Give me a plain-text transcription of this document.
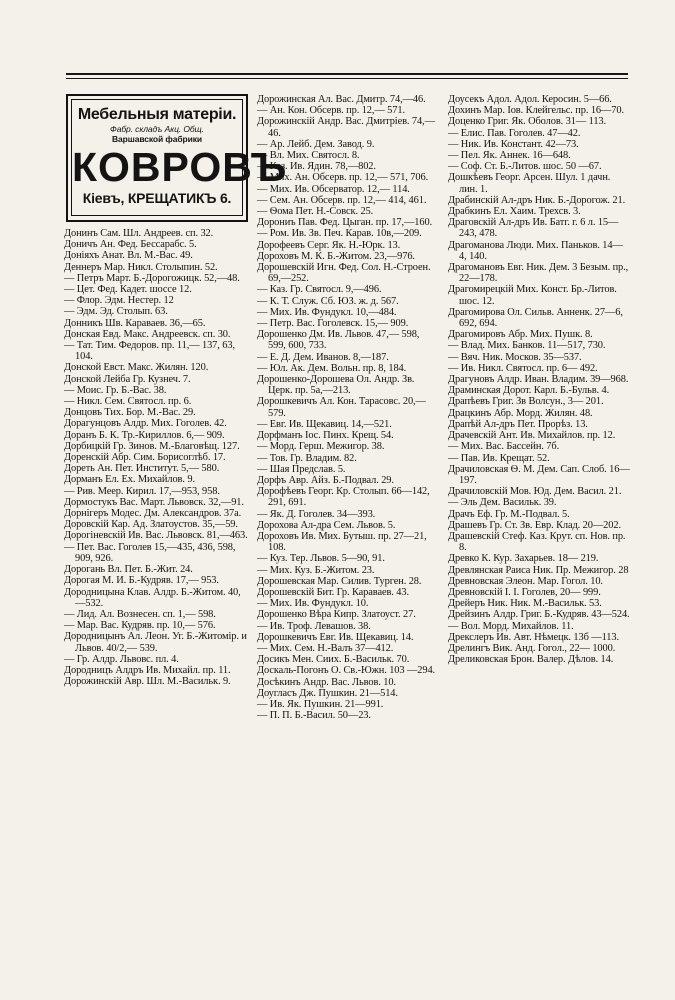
Мебельныя матеріи.
Фабр. складъ Акц. Общ.
Варшавской фабрики
КОВРОВЪ
Кіевъ, КРЕЩАТИКЪ 6.

Донинъ Сам. Шл. Андреев. сп. 32.

Доничъ Ан. Фед. Бессарабс. 5.

Донiяхъ Анат. Вл. М.-Вас. 49.

Деннеръ Мар. Никл. Столыпин. 52.

— Петръ Март. Б.-Дорогожицк. 52,—48.

— Цет. Фед. Кадет. шоссе 12.

— Флор. Эдм. Нестер. 12

— Эдм. Эд. Столып. 63.

Донникъ Шв. Караваев. 36,—65.

Донская Евд. Макс. Андреевск. сп. 30.

— Тат. Тим. Федоров. пр. 11,— 137, 63, 104.

Донской Евст. Макс. Жилян. 120.

Донской Лейба Гр. Кузнеч. 7.

— Моис. Гр. Б.-Вас. 38.

— Никл. Сем. Святосл. пр. 6.

Донцовъ Тих. Бор. М.-Вас. 29.

Дорагунцовъ Алдр. Мих. Гоголев. 42.

Доранъ Б. К. Тр.-Кириллов. 6,— 909.

Дорбицкій Гр. Зинов. М.-Благовѣщ. 127.

Доренскій Абр. Сим. Борисоглѣб. 17.

Дореть Ан. Пет. Институт. 5,— 580.

Дорманъ Ел. Ех. Михайлов. 9.

— Рив. Меер. Кирил. 17,—953, 958.

Дормостукъ Вас. Март. Львовск. 32,—91.

Дорнігеръ Модес. Дм. Александров. 37а.

Доровскій Кар. Ад. Златоустов. 35,—59.

Дорогiневскій Ив. Вас. Львовск. 81,—463.

— Пет. Вас. Гоголев 15,—435, 436, 598, 909, 926.

Дорогань Вл. Пет. Б.-Жит. 24.

Дорогая М. И. Б.-Кудряв. 17,— 953.

Дородницына Клав. Алдр. Б.-Житом. 40,—532.

— Лид. Ал. Вознесен. сп. 1,— 598.

— Мар. Вас. Кудряв. пр. 10,— 576.

Дородницынъ Ал. Леон. Уг. Б.-Житомір. и Львов. 40/2,— 539.

— Гр. Алдр. Львовс. пл. 4.

Дородницъ Алдръ Ив. Михайл. пр. 11.

Дорожинскій Авр. Шл. М.-Васильк. 9.

Дорожинская Ал. Вас. Дмитр. 74,—46.

— Ан. Кон. Обсерв. пр. 12,— 571.

Дорожинскій Андр. Вас. Дмитріев. 74,—46.

— Ар. Лейб. Дем. Завод. 9.

— Вл. Мих. Святосл. 8.

— Каз. Ив. Ядин. 78,—802.

— Мих. Ан. Обсерв. пр. 12,— 571, 706.

— Мих. Ив. Обсерватор. 12,— 114.

— Сем. Ан. Обсерв. пр. 12,— 414, 461.

— Ѳома Пет. Н.-Совск. 25.

Дорониъ Пав. Фед. Цыган. пр. 17,—160.

— Ром. Ив. Зв. Печ. Карав. 10в,—209.

Дорофеевъ Серг. Як. Н.-Юрк. 13.

Дороховъ М. К. Б.-Житом. 23,—976.

Дорошевскій Игн. Фед. Сол. Н.-Строен. 69,—252.

— Каз. Гр. Святосл. 9,—496.

— К. Т. Служ. Сб. ЮЗ. ж. д. 567.

— Мих. Ив. Фундукл. 10,—484.

— Петр. Вас. Гоголевск. 15,— 909.

Дорошенко Дм. Ив. Львов. 47,— 598, 599, 600, 733.

— Е. Д. Дем. Иванов. 8,—187.

— Юл. Ак. Дем. Вольн. пр. 8, 184.

Дорошенко-Дорошева Ол. Андр. Зв. Церк. пр. 5а,—213.

Дорошкевичъ Ал. Кон. Тарасовс. 20,—579.

— Евг. Ив. Щекавиц. 14,—521.

Дорфманъ Іос. Пинх. Крещ. 54.

— Морд. Герш. Межигор. 38.

— Тов. Гр. Владим. 82.

— Шая Предслав. 5.

Дорфъ Авр. Айз. Б.-Подвал. 29.

Дорофѣевъ Георг. Кр. Столып. 66—142, 291, 691.

— Як. Д. Гоголев. 34—393.

Дорохова Ал-дра Сем. Львов. 5.

Дороховъ Ив. Мих. Бутыш. пр. 27—21, 108.

— Куз. Тер. Львов. 5—90, 91.

— Мих. Куз. Б.-Житом. 23.

Дорошевская Мар. Силив. Турген. 28.

Дорошевскій Бит. Гр. Караваев. 43.

— Мих. Ив. Фундукл. 10.

Дорошенко Вѣра Кипр. Златоуст. 27.

— Ив. Троф. Левашов. 38.

Дорошкевичъ Евг. Ив. Щекавиц. 14.

— Мих. Сем. Н.-Валъ 37—412.

Досикъ Мен. Сиих. Б.-Васильк. 70.

Доскаль-Погонъ О. Св.-Южн. 103 —294.

Досѣкинъ Андр. Вас. Львов. 10.

Доугласъ Дж. Пушкин. 21—514.

— Ив. Як. Пушкин. 21—991.

— П. П. Б.-Васил. 50—23.

Доусекъ Адол. Адол. Керосин. 5—66.

Дохинъ Мар. Іов. Клейгельс. пр. 16—70.

Доценко Григ. Як. Оболов. 31— 113.

— Елис. Пав. Гоголев. 47—42.

— Ник. Ив. Констант. 42—73.

— Пел. Як. Аннек. 16—648.

— Соф. Ст. Б.-Литов. шос. 50 —67.

Дошкѣевъ Георг. Арсен. Шул. 1 дачн. лин. 1.

Драбинскій Ал-дръ Ник. Б.-Дорогож. 21.

Драбкинъ Ел. Хаим. Трехсв. 3.

Драговскій Ал-дръ Ив. Батг. г. 6 л. 15—243, 478.

Драгоманова Люди. Мих. Паньков. 14—4, 140.

Драгомановъ Евг. Ник. Дем. 3 Безым. пр., 22—178.

Драгомирецкій Мих. Конст. Бр.-Литов. шос. 12.

Драгомирова Ол. Сильв. Анненк. 27—6, 692, 694.

Драгомировъ Абр. Мих. Пушк. 8.

— Влад. Мих. Банков. 11—517, 730.

— Вяч. Ник. Москов. 35—537.

— Ив. Никл. Святосл. пр. 6— 492.

Драгуновъ Алдр. Иван. Владим. 39—968.

Драминская Дорот. Карл. Б.-Бульв. 4.

Драпѣевъ Григ. Зв Волсун., 3— 201.

Драцкинъ Абр. Морд. Жилян. 48.

Драпѣй Ал-дръ Пет. Прорѣз. 13.

Драчевскій Ант. Ив. Михайлов. пр. 12.

— Мих. Вас. Бассейн. 7б.

— Пав. Ив. Крещат. 52.

Драчиловская Ѳ. М. Дем. Сап. Слоб. 16—197.

Драчиловскій Мов. Юд. Дем. Васил. 21.

— Эль Дем. Васильк. 39.

Драчъ Еф. Гр. М.-Подвал. 5.

Драшевъ Гр. Ст. Зв. Евр. Клад. 20—202.

Драшевскій Стеф. Каз. Крут. сп. Нов. пр. 8.

Древко К. Кур. Захарьев. 18— 219.

Древлянская Раиса Ник. Пр. Межигор. 28

Древновская Элеон. Мар. Гогол. 10.

Древновскій І. І. Гоголев, 20— 999.

Дрейеръ Ник. Ник. М.-Васильк. 53.

Дрейзинъ Алдр. Григ. Б.-Кудряв. 43—524.

— Вол. Морд. Михайлов. 11.

Дрекслеръ Ив. Авт. Нѣмецк. 13б —113.

Дрелингъ Вик. Анд. Гогол., 22— 1000.

Дреликовская Брон. Валер. Дѣлов. 14.
